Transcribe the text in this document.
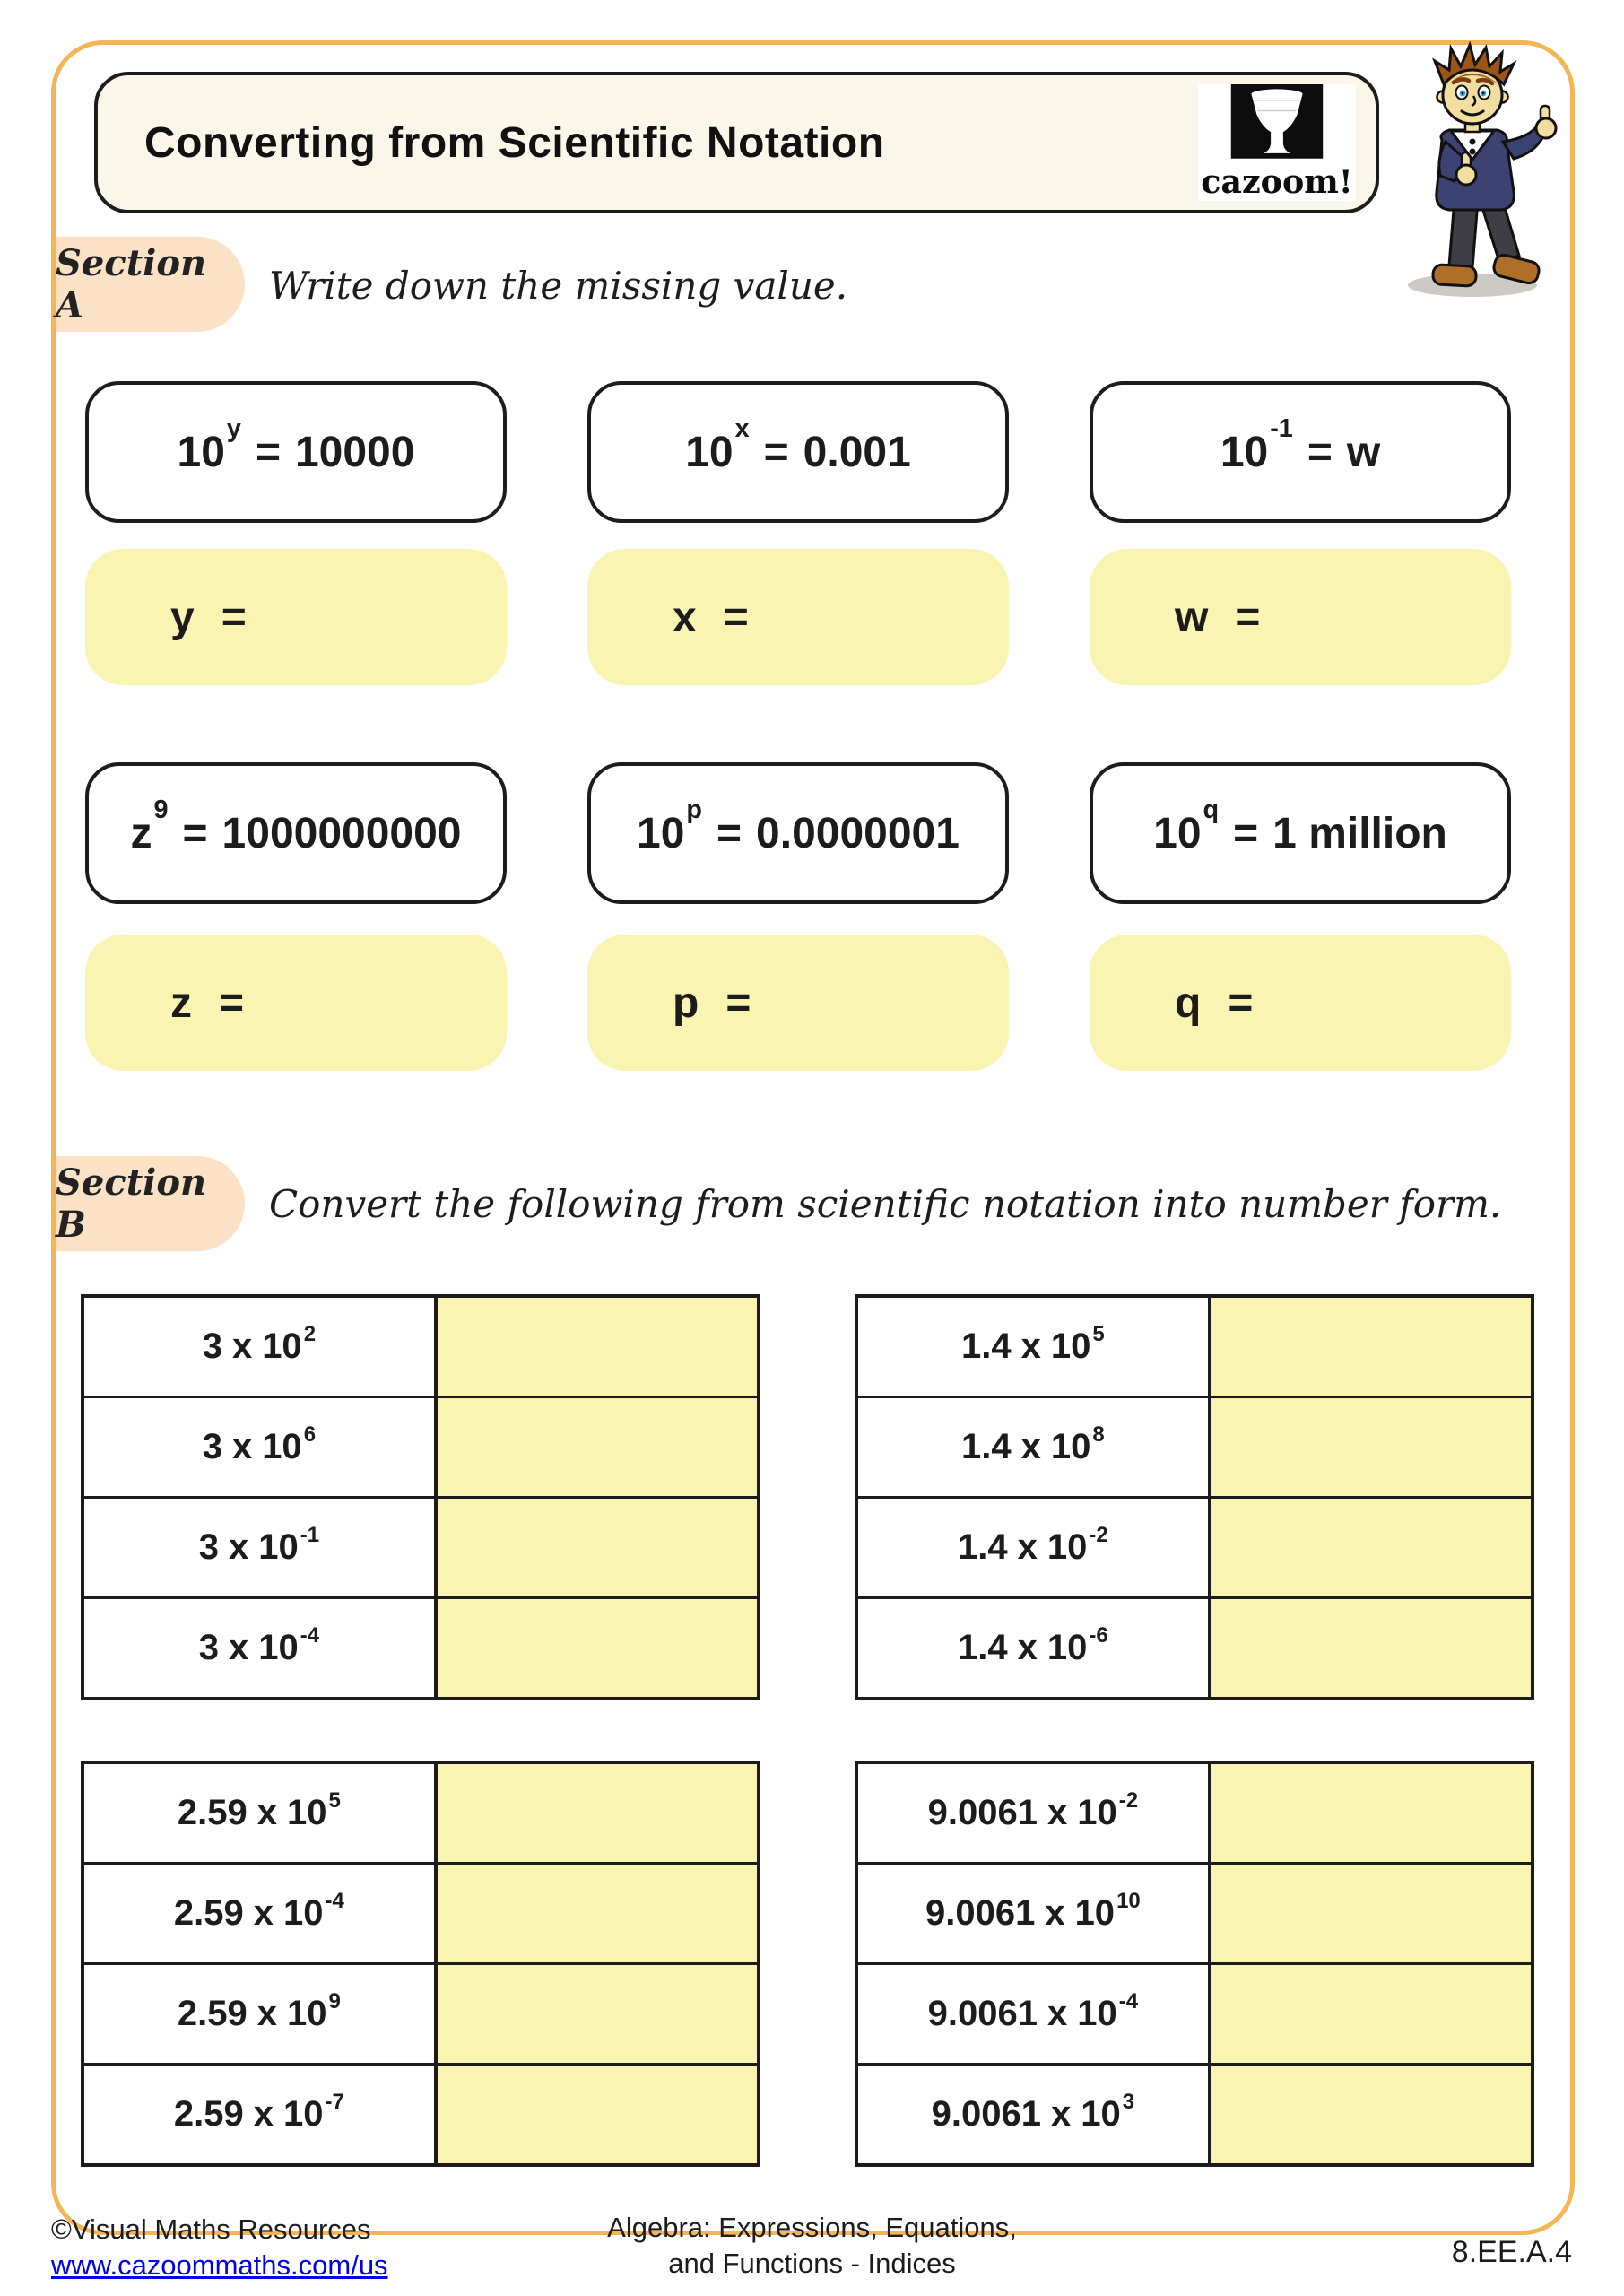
Converting from Scientific Notation
cazoom!
Section A	Write down the missing value.
$10^y = 10000$	$10^x = 0.001$	$10^{-1} = w$
y =	x =	w =
$z^9 = 1000000000$	$10^p = 0.0000001$	$10^q = 1$ million
z =	p =	q =
Section B	Convert the following from scientific notation into number form.
3 x $10^2$
3 x $10^6$
3 x $10^{-1}$
3 x $10^{-4}$
1.4 x $10^5$
1.4 x $10^8$
1.4 x $10^{-2}$
1.4 x $10^{-6}$
2.59 x $10^5$
2.59 x $10^{-4}$
2.59 x $10^9$
2.59 x $10^{-7}$
9.0061 x $10^{-2}$
9.0061 x $10^{10}$
9.0061 x $10^{-4}$
9.0061 x $10^3$
©Visual Maths Resources
www.cazoommaths.com/us
Algebra: Expressions, Equations,
and Functions - Indices	8.EE.A.4
